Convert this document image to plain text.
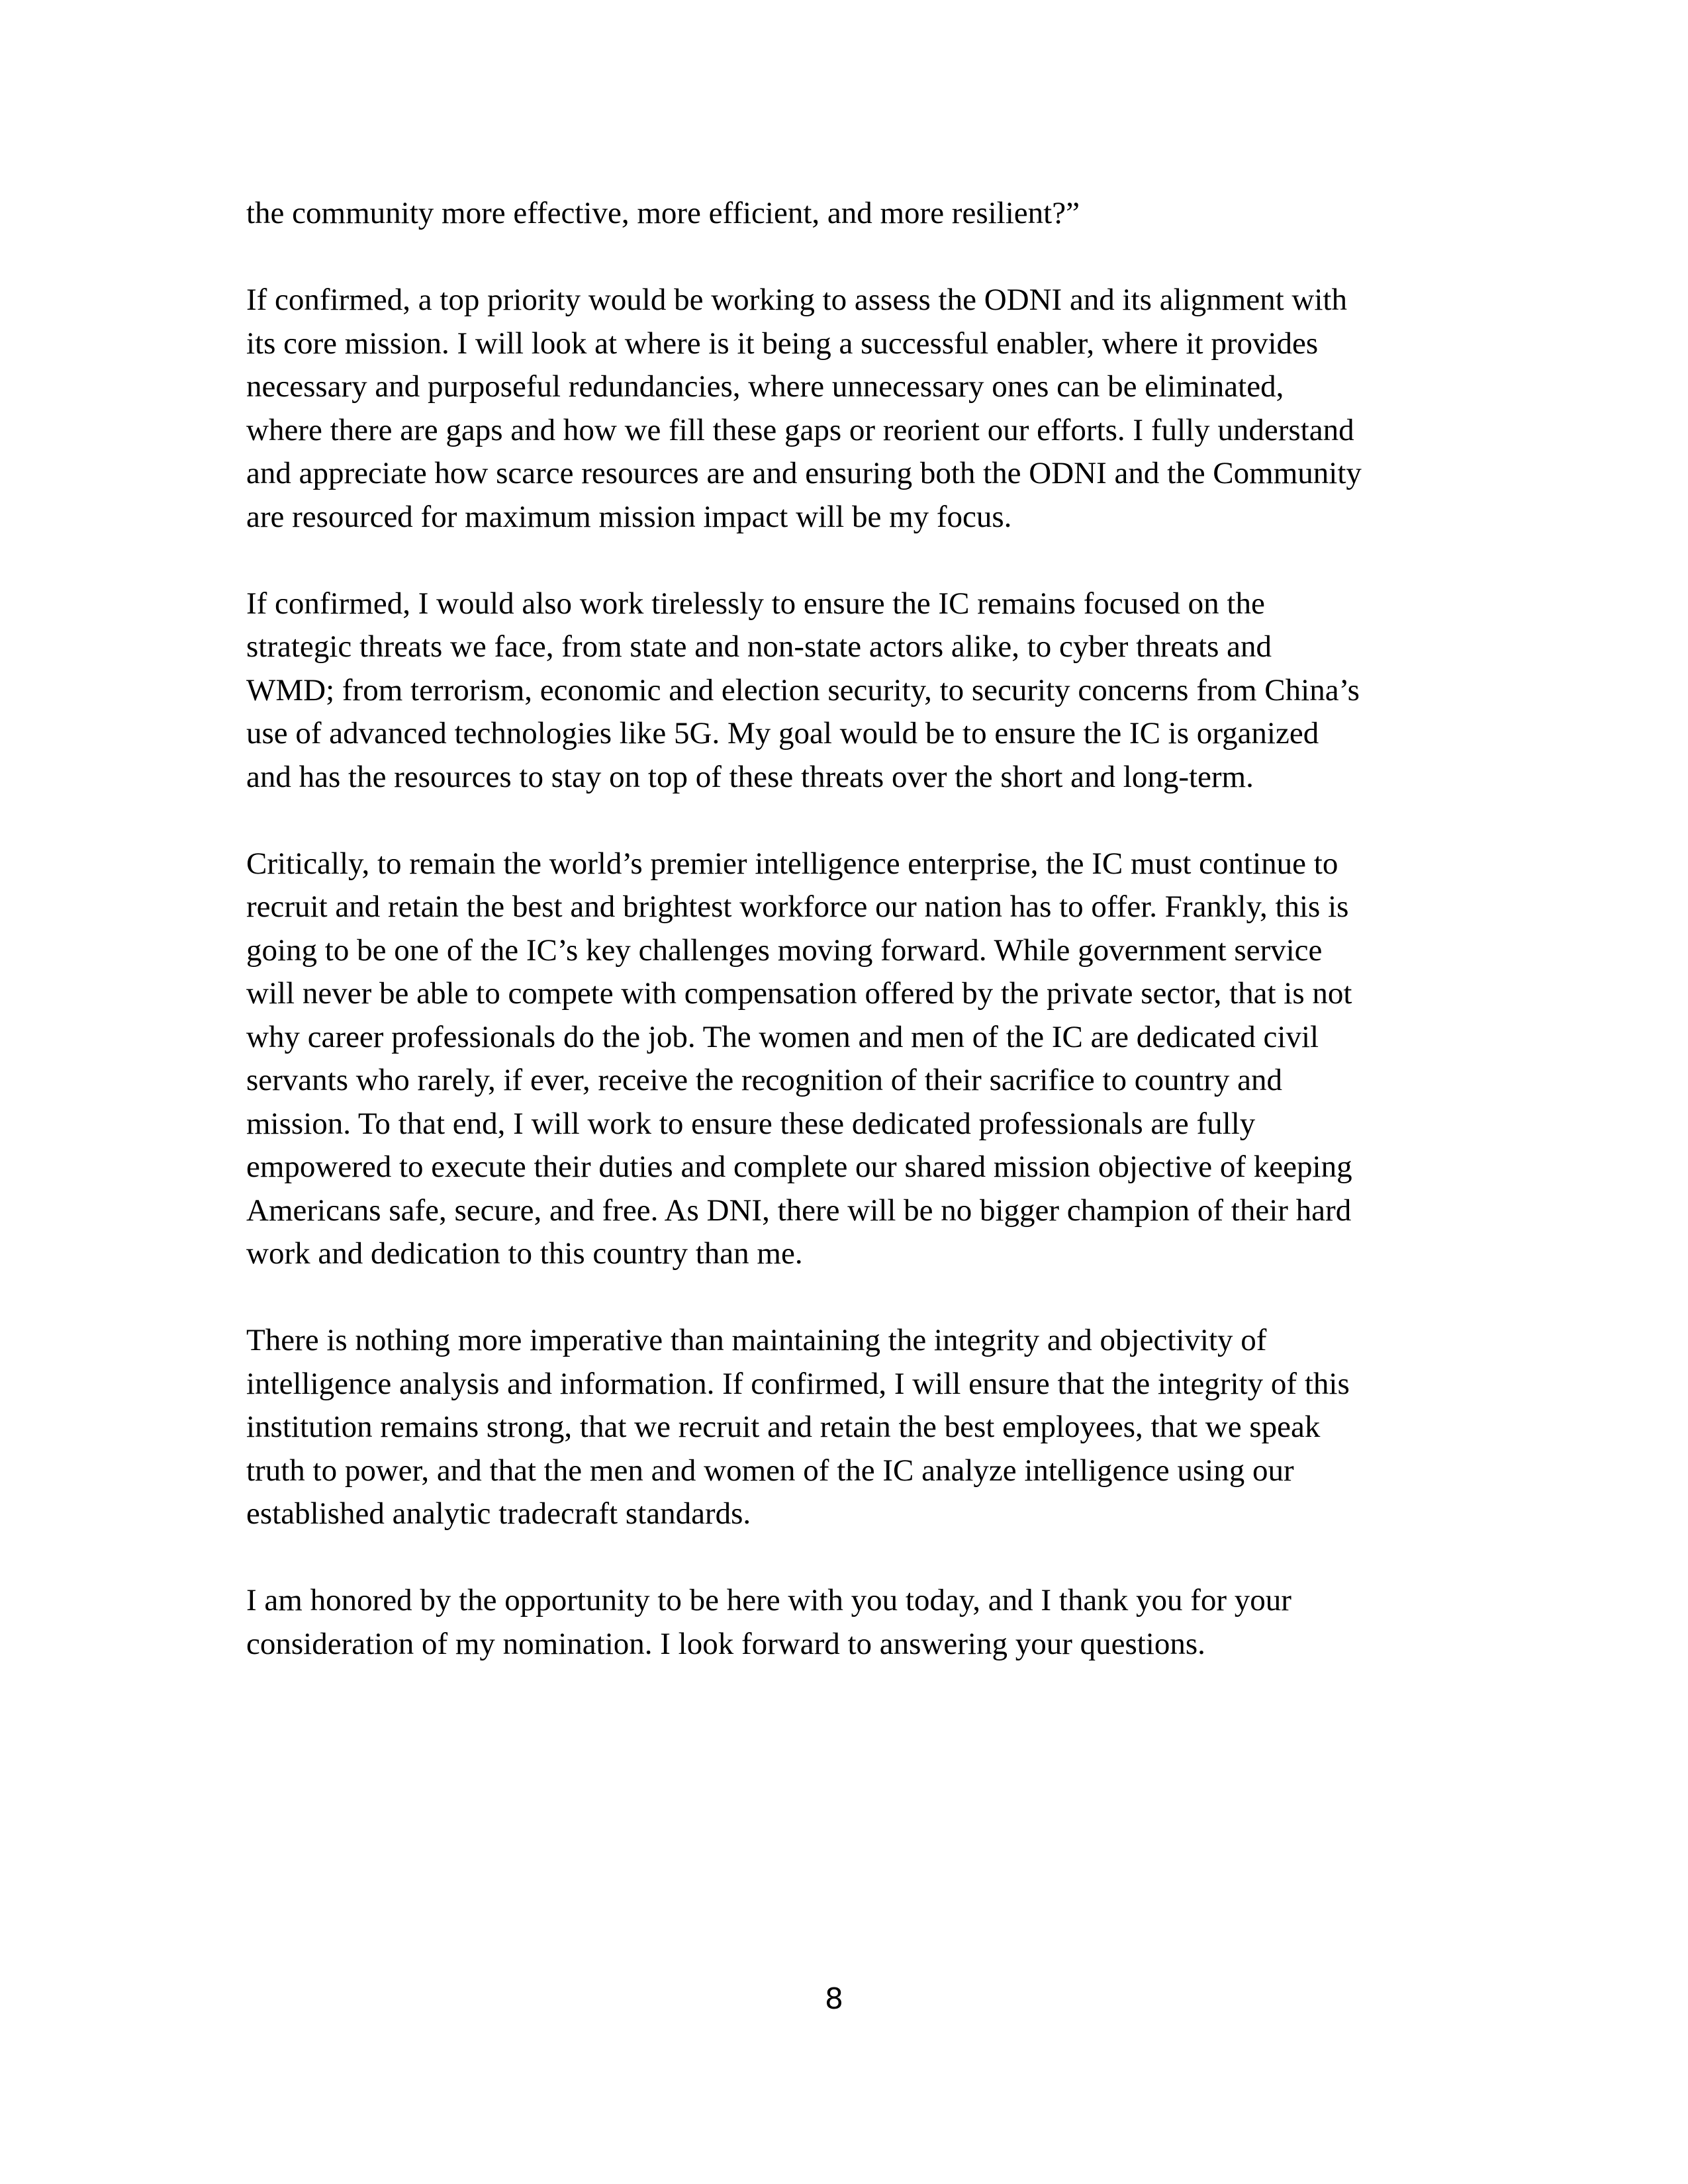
the community more effective, more efficient, and more resilient?”

If confirmed, a top priority would be working to assess the ODNI and its alignment with
its core mission. I will look at where is it being a successful enabler, where it provides
necessary and purposeful redundancies, where unnecessary ones can be eliminated,
where there are gaps and how we fill these gaps or reorient our efforts. I fully understand
and appreciate how scarce resources are and ensuring both the ODNI and the Community
are resourced for maximum mission impact will be my focus.

If confirmed, I would also work tirelessly to ensure the IC remains focused on the
strategic threats we face, from state and non-state actors alike, to cyber threats and
WMD; from terrorism, economic and election security, to security concerns from China’s
use of advanced technologies like 5G. My goal would be to ensure the IC is organized
and has the resources to stay on top of these threats over the short and long-term.

Critically, to remain the world’s premier intelligence enterprise, the IC must continue to
recruit and retain the best and brightest workforce our nation has to offer. Frankly, this is
going to be one of the IC’s key challenges moving forward. While government service
will never be able to compete with compensation offered by the private sector, that is not
why career professionals do the job. The women and men of the IC are dedicated civil
servants who rarely, if ever, receive the recognition of their sacrifice to country and
mission. To that end, I will work to ensure these dedicated professionals are fully
empowered to execute their duties and complete our shared mission objective of keeping
Americans safe, secure, and free. As DNI, there will be no bigger champion of their hard
work and dedication to this country than me.

There is nothing more imperative than maintaining the integrity and objectivity of
intelligence analysis and information. If confirmed, I will ensure that the integrity of this
institution remains strong, that we recruit and retain the best employees, that we speak
truth to power, and that the men and women of the IC analyze intelligence using our
established analytic tradecraft standards.

I am honored by the opportunity to be here with you today, and I thank you for your
consideration of my nomination. I look forward to answering your questions.

8
